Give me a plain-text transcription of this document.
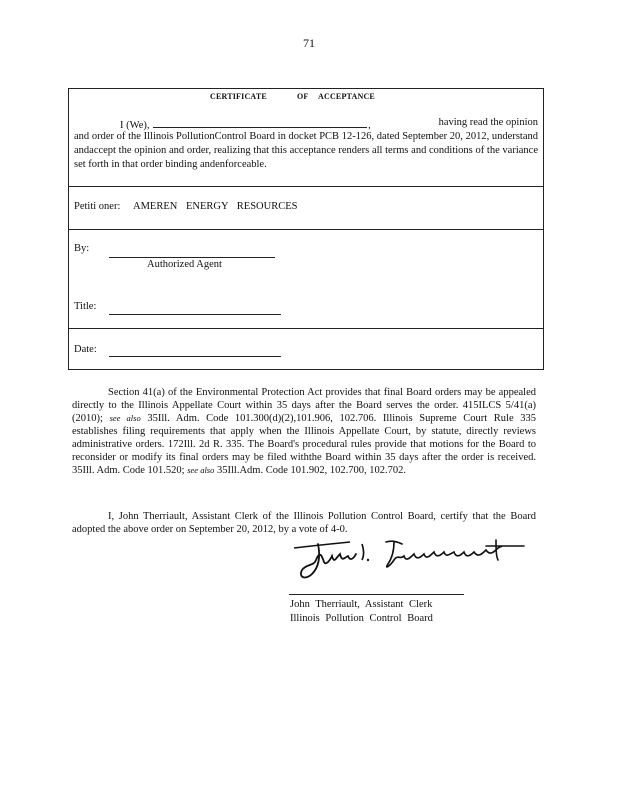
71
CERTIFICATE	OF ACCEPTANCE
I (We),	,	having read the opinion
and order of the Illinois PollutionControl Board in docket PCB 12-126, dated September 20, 2012, understand andaccept the opinion and order, realizing that this acceptance renders all terms and conditions of the variance set forth in that order binding andenforceable.
Petiti oner: AMEREN ENERGY RESOURCES
By:
Authorized Agent
Title:
Date:
Section 41(a) of the Environmental Protection Act provides that final Board orders may be appealed directly to the Illinois Appellate Court within 35 days after the Board serves the order. 415ILCS 5/41(a) (2010); see also 35Ill. Adm. Code 101.300(d)(2),101.906, 102.706. Illinois Supreme Court Rule 335 establishes filing requirements that apply when the Illinois Appellate Court, by statute, directly reviews administrative orders. 172Ill. 2d R. 335. The Board's procedural rules provide that motions for the Board to reconsider or modify its final orders may be filed withthe Board within 35 days after the order is received. 35Ill. Adm. Code 101.520; see also 35Ill.Adm. Code 101.902, 102.700, 102.702.
I, John Therriault, Assistant Clerk of the Illinois Pollution Control Board, certify that the Board adopted the above order on September 20, 2012, by a vote of 4-0.
John Therriault, Assistant Clerk
Illinois Pollution Control Board
